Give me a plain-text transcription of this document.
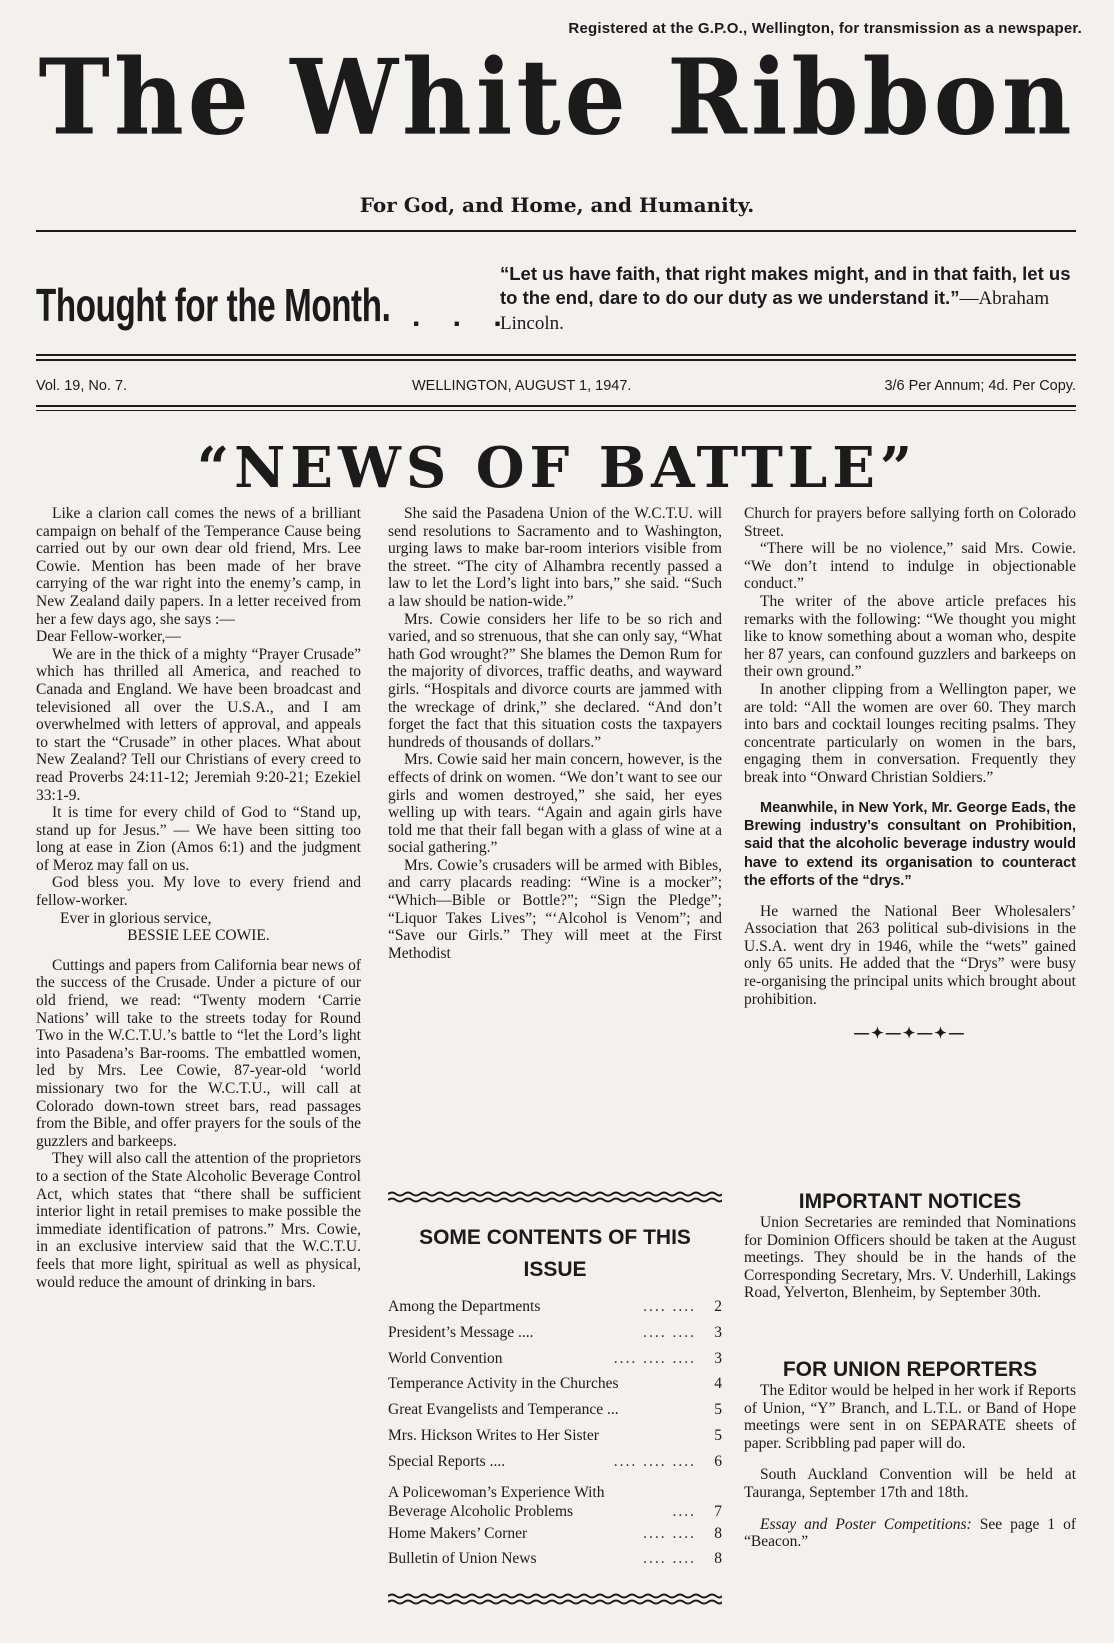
Registered at the G.P.O., Wellington, for transmission as a newspaper.
The White Ribbon
For God, and Home, and Humanity.
Thought for the Month. . . .
“Let us have faith, that right makes might, and in that faith, let us to the end, dare to do our duty as we understand it.”—Abraham Lincoln.
Vol. 19, No. 7.	WELLINGTON, AUGUST 1, 1947.	3/6 Per Annum; 4d. Per Copy.
“NEWS OF BATTLE”

Like a clarion call comes the news of a brilliant campaign on behalf of the Temperance Cause being carried out by our own dear old friend, Mrs. Lee Cowie. Mention has been made of her brave carrying of the war right into the enemy’s camp, in New Zealand daily papers. In a letter received from her a few days ago, she says :—

Dear Fellow-worker,—

We are in the thick of a mighty “Prayer Crusade” which has thrilled all America, and reached to Canada and England. We have been broadcast and televisioned all over the U.S.A., and I am overwhelmed with letters of approval, and appeals to start the “Crusade” in other places. What about New Zealand? Tell our Christians of every creed to read Proverbs 24:11-12; Jeremiah 9:20-21; Ezekiel 33:1-9.

It is time for every child of God to “Stand up, stand up for Jesus.” — We have been sitting too long at ease in Zion (Amos 6:1) and the judgment of Meroz may fall on us.

God bless you. My love to every friend and fellow-worker.

Ever in glorious service,

BESSIE LEE COWIE.

Cuttings and papers from California bear news of the success of the Crusade. Under a picture of our old friend, we read: “Twenty modern ‘Carrie Nations’ will take to the streets today for Round Two in the W.C.T.U.’s battle to “let the Lord’s light into Pasadena’s Bar-rooms. The embattled women, led by Mrs. Lee Cowie, 87-year-old ‘world missionary two for the W.C.T.U., will call at Colorado down-town street bars, read passages from the Bible, and offer prayers for the souls of the guzzlers and barkeeps.

They will also call the attention of the proprietors to a section of the State Alcoholic Beverage Control Act, which states that “there shall be sufficient interior light in retail premises to make possible the immediate identification of patrons.” Mrs. Cowie, in an exclusive interview said that the W.C.T.U. feels that more light, spiritual as well as physical, would reduce the amount of drinking in bars.

She said the Pasadena Union of the W.C.T.U. will send resolutions to Sacramento and to Washington, urging laws to make bar-room interiors visible from the street. “The city of Alhambra recently passed a law to let the Lord’s light into bars,” she said. “Such a law should be nation-wide.”

Mrs. Cowie considers her life to be so rich and varied, and so strenuous, that she can only say, “What hath God wrought?” She blames the Demon Rum for the majority of divorces, traffic deaths, and wayward girls. “Hospitals and divorce courts are jammed with the wreckage of drink,” she declared. “And don’t forget the fact that this situation costs the taxpayers hundreds of thousands of dollars.”

Mrs. Cowie said her main concern, however, is the effects of drink on women. “We don’t want to see our girls and women destroyed,” she said, her eyes welling up with tears. “Again and again girls have told me that their fall began with a glass of wine at a social gathering.”

Mrs. Cowie’s crusaders will be armed with Bibles, and carry placards reading: “Wine is a mocker”; “Which—Bible or Bottle?”; “Sign the Pledge”; “Liquor Takes Lives”; “‘Alcohol is Venom”; and “Save our Girls.” They will meet at the First Methodist

Church for prayers before sallying forth on Colorado Street.

“There will be no violence,” said Mrs. Cowie. “We don’t intend to indulge in objectionable conduct.”

The writer of the above article prefaces his remarks with the following: “We thought you might like to know something about a woman who, despite her 87 years, can confound guzzlers and barkeeps on their own ground.”

In another clipping from a Wellington paper, we are told: “All the women are over 60. They march into bars and cocktail lounges reciting psalms. They concentrate particularly on women in the bars, engaging them in conversation. Frequently they break into “Onward Christian Soldiers.”

Meanwhile, in New York, Mr. George Eads, the Brewing industry’s consultant on Prohibition, said that the alcoholic beverage industry would have to extend its organisation to counteract the efforts of the “drys.”

He warned the National Beer Wholesalers’ Association that 263 political sub-divisions in the U.S.A. went dry in 1946, while the “wets” gained only 65 units. He added that the “Drys” were busy re-organising the principal units which brought about prohibition.

—✦—✦—✦—
SOME CONTENTS OF THIS ISSUE
Among the Departments	.... ....	2
President’s Message ....	.... ....	3
World Convention	.... .... ....	3
Temperance Activity in the Churches	4
Great Evangelists and Temperance ...	5
Mrs. Hickson Writes to Her Sister	5
Special Reports ....	.... .... ....	6
A Policewoman’s Experience With Beverage Alcoholic Problems	....	7
Home Makers’ Corner	.... ....	8
Bulletin of Union News	.... ....	8
IMPORTANT NOTICES

Union Secretaries are reminded that Nominations for Dominion Officers should be taken at the August meetings. They should be in the hands of the Corresponding Secretary, Mrs. V. Underhill, Lakings Road, Yelverton, Blenheim, by September 30th.

FOR UNION REPORTERS

The Editor would be helped in her work if Reports of Union, “Y” Branch, and L.T.L. or Band of Hope meetings were sent in on SEPARATE sheets of paper. Scribbling pad paper will do.

South Auckland Convention will be held at Tauranga, September 17th and 18th.

Essay and Poster Competitions: See page 1 of “Beacon.”
